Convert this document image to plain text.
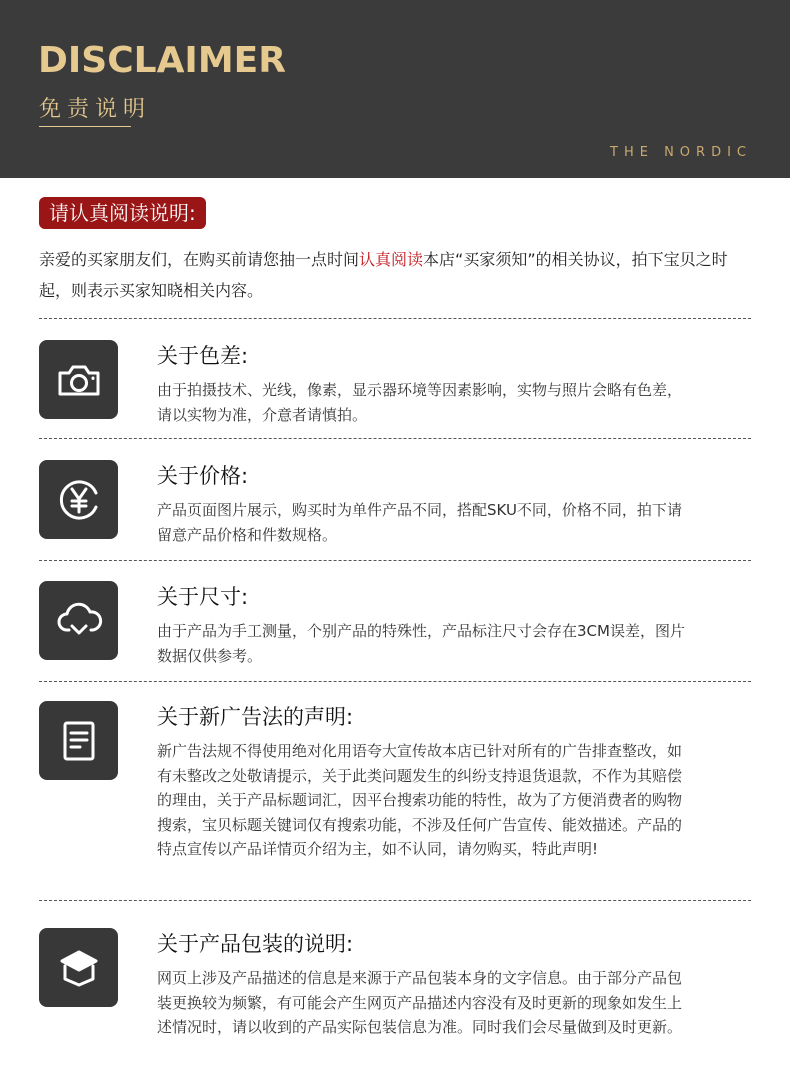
DISCLAIMER
免责说明
THE NORDIC
请认真阅读说明:
亲爱的买家朋友们，在购买前请您抽一点时间认真阅读本店“买家须知”的相关协议，拍下宝贝之时起，则表示买家知晓相关内容。
关于色差:
由于拍摄技术、光线，像素，显示器环境等因素影响，实物与照片会略有色差，请以实物为准，介意者请慎拍。
关于价格:
产品页面图片展示，购买时为单件产品不同，搭配SKU不同，价格不同，拍下请留意产品价格和件数规格。
关于尺寸:
由于产品为手工测量，个别产品的特殊性，产品标注尺寸会存在3CM误差，图片数据仅供参考。
关于新广告法的声明:
新广告法规不得使用绝对化用语夸大宣传故本店已针对所有的广告排查整改，如有未整改之处敬请提示，关于此类问题发生的纠纷支持退货退款，不作为其赔偿的理由，关于产品标题词汇，因平台搜索功能的特性，故为了方便消费者的购物搜索，宝贝标题关键词仅有搜索功能，不涉及任何广告宣传、能效描述。产品的特点宣传以产品详情页介绍为主，如不认同，请勿购买，特此声明!
关于产品包装的说明:
网页上涉及产品描述的信息是来源于产品包装本身的文字信息。由于部分产品包装更换较为频繁，有可能会产生网页产品描述内容没有及时更新的现象如发生上述情况时，请以收到的产品实际包装信息为准。同时我们会尽量做到及时更新。
